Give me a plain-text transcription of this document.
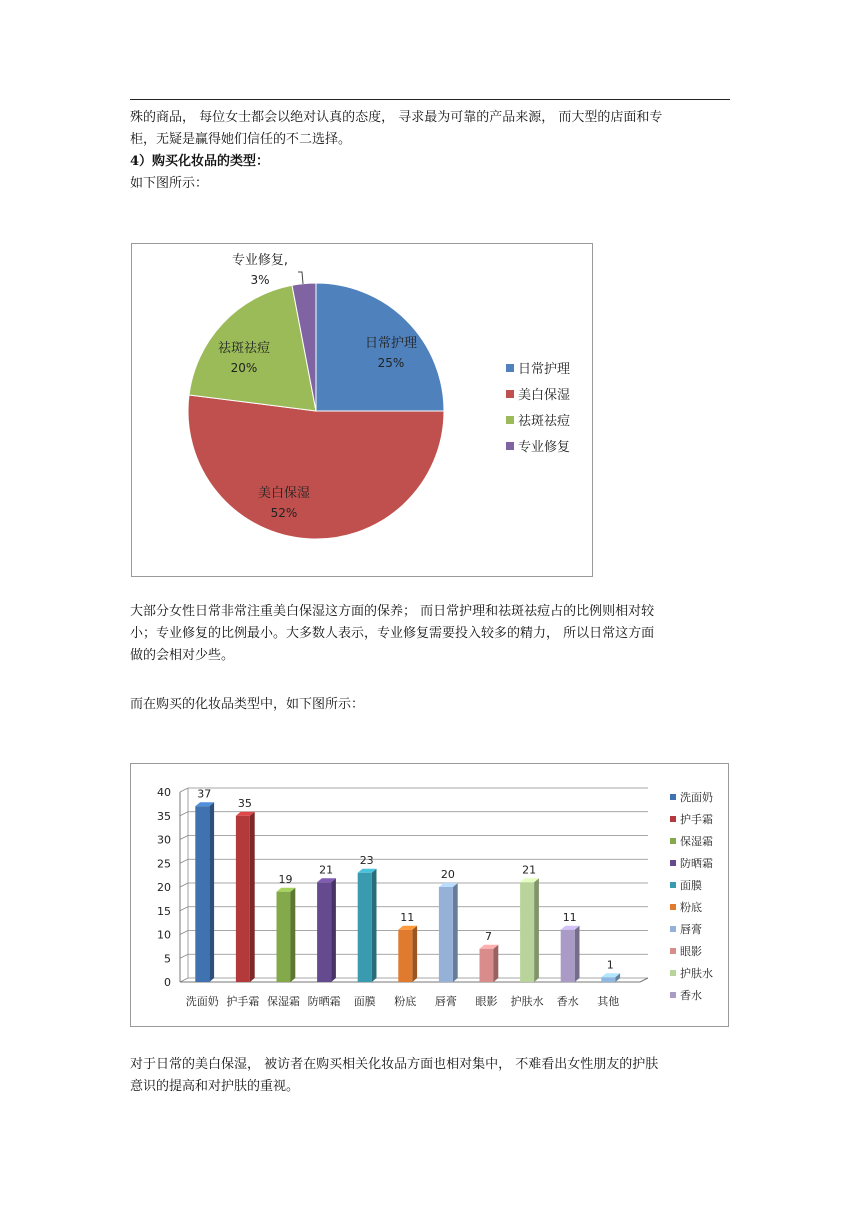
殊的商品， 每位女士都会以绝对认真的态度， 寻求最为可靠的产品来源， 而大型的店面和专
柜，无疑是赢得她们信任的不二选择。

4）购买化妆品的类型：

如下图所示：

日常护理
25%
美白保湿
52%
祛斑祛痘
20%
专业修复,
3%
日常护理
美白保湿
祛斑祛痘
专业修复

大部分女性日常非常注重美白保湿这方面的保养； 而日常护理和祛斑祛痘占的比例则相对较
小；专业修复的比例最小。大多数人表示，专业修复需要投入较多的精力， 所以日常这方面
做的会相对少些。

而在购买的化妆品类型中，如下图所示：

0
5
10
15
20
25
30
35
40 37
洗面奶
35
护手霜
19
保湿霜
21
防晒霜
23
面膜
11
粉底
20
唇膏
7
眼影
21
护肤水
11
香水
1
其他
洗面奶
护手霜
保湿霜
防晒霜
面膜
粉底
唇膏
眼影
护肤水
香水

对于日常的美白保湿， 被访者在购买相关化妆品方面也相对集中， 不难看出女性朋友的护肤
意识的提高和对护肤的重视。
